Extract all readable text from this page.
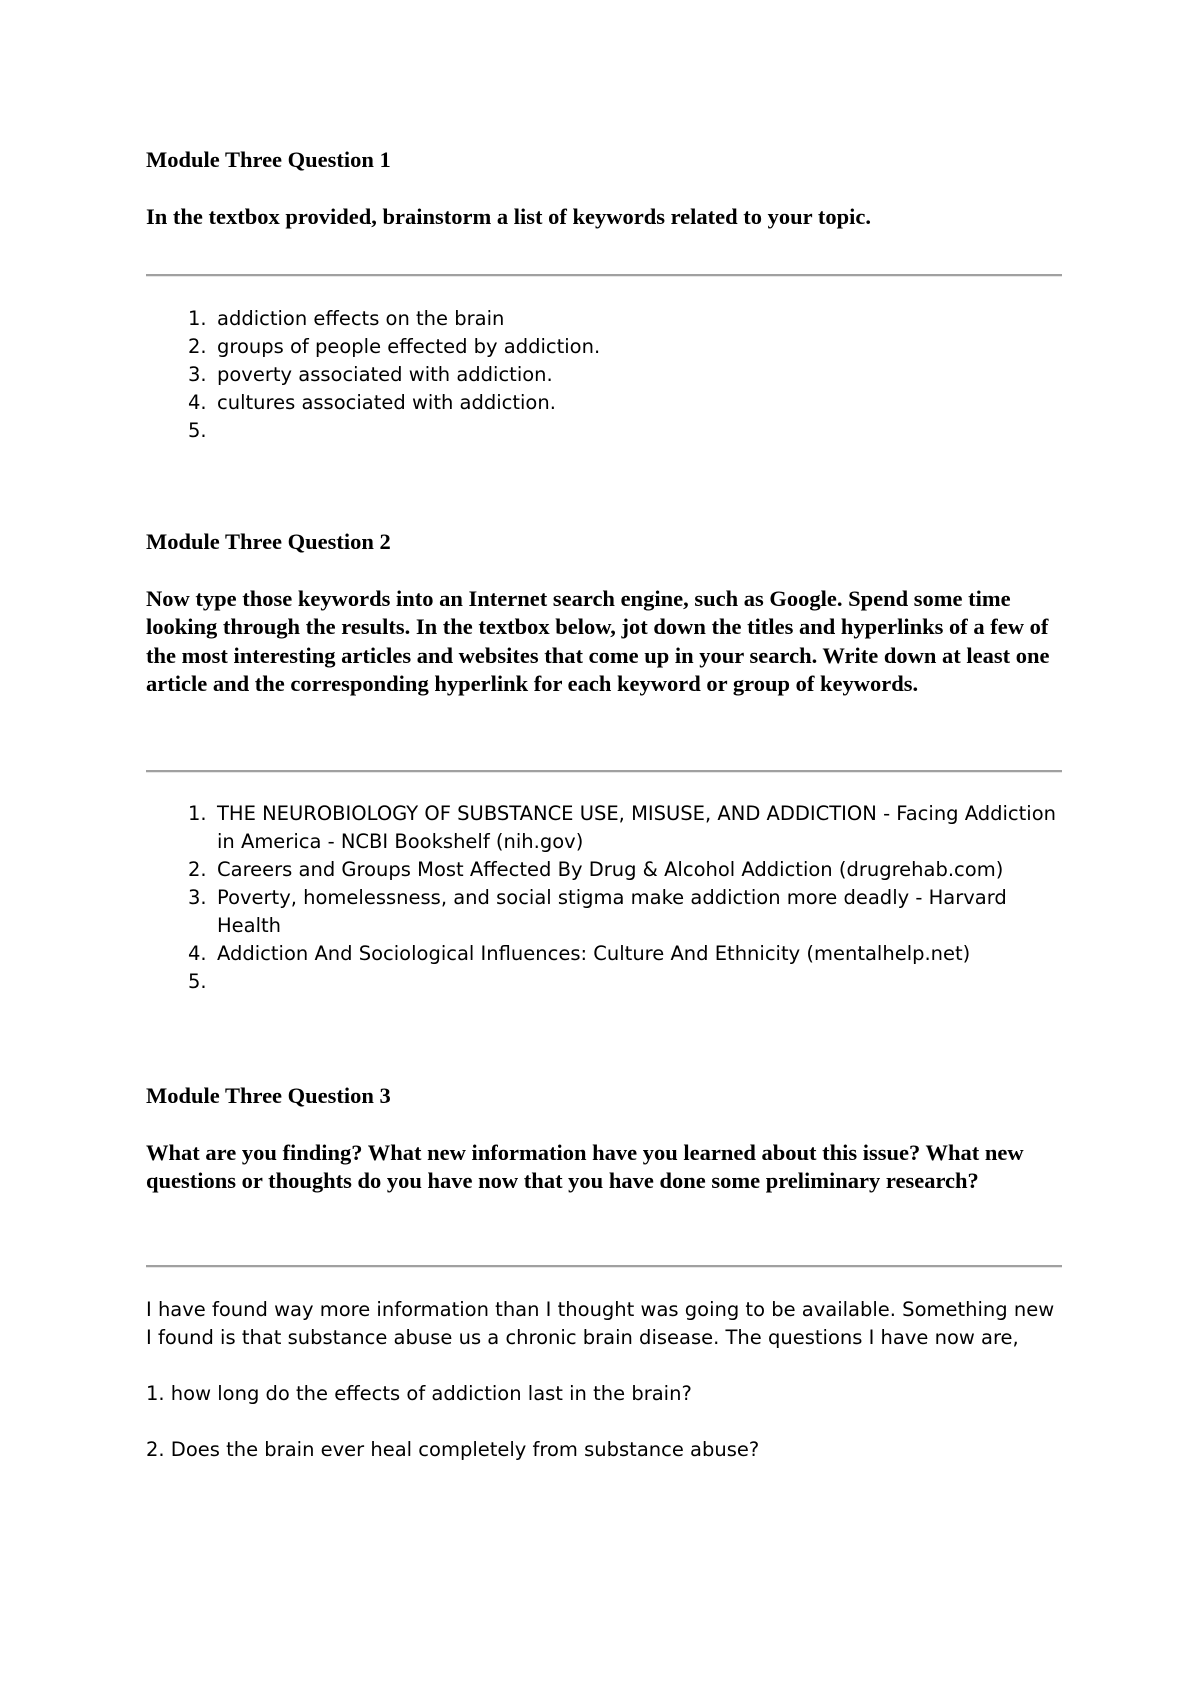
Module Three Question 1

In the textbox provided, brainstorm a list of keywords related to your topic.

1. addiction effects on the brain
2. groups of people effected by addiction.
3. poverty associated with addiction.
4. cultures associated with addiction.
5.

Module Three Question 2

Now type those keywords into an Internet search engine, such as Google. Spend some time looking through the results. In the textbox below, jot down the titles and hyperlinks of a few of the most interesting articles and websites that come up in your search. Write down at least one article and the corresponding hyperlink for each keyword or group of keywords.

1. THE NEUROBIOLOGY OF SUBSTANCE USE, MISUSE, AND ADDICTION - Facing Addiction in America - NCBI Bookshelf (nih.gov)
2. Careers and Groups Most Affected By Drug & Alcohol Addiction (drugrehab.com)
3. Poverty, homelessness, and social stigma make addiction more deadly - Harvard Health
4. Addiction And Sociological Influences: Culture And Ethnicity (mentalhelp.net)
5.

Module Three Question 3

What are you finding? What new information have you learned about this issue? What new questions or thoughts do you have now that you have done some preliminary research?

I have found way more information than I thought was going to be available. Something new I found is that substance abuse us a chronic brain disease. The questions I have now are,

1. how long do the effects of addiction last in the brain?

2. Does the brain ever heal completely from substance abuse?
